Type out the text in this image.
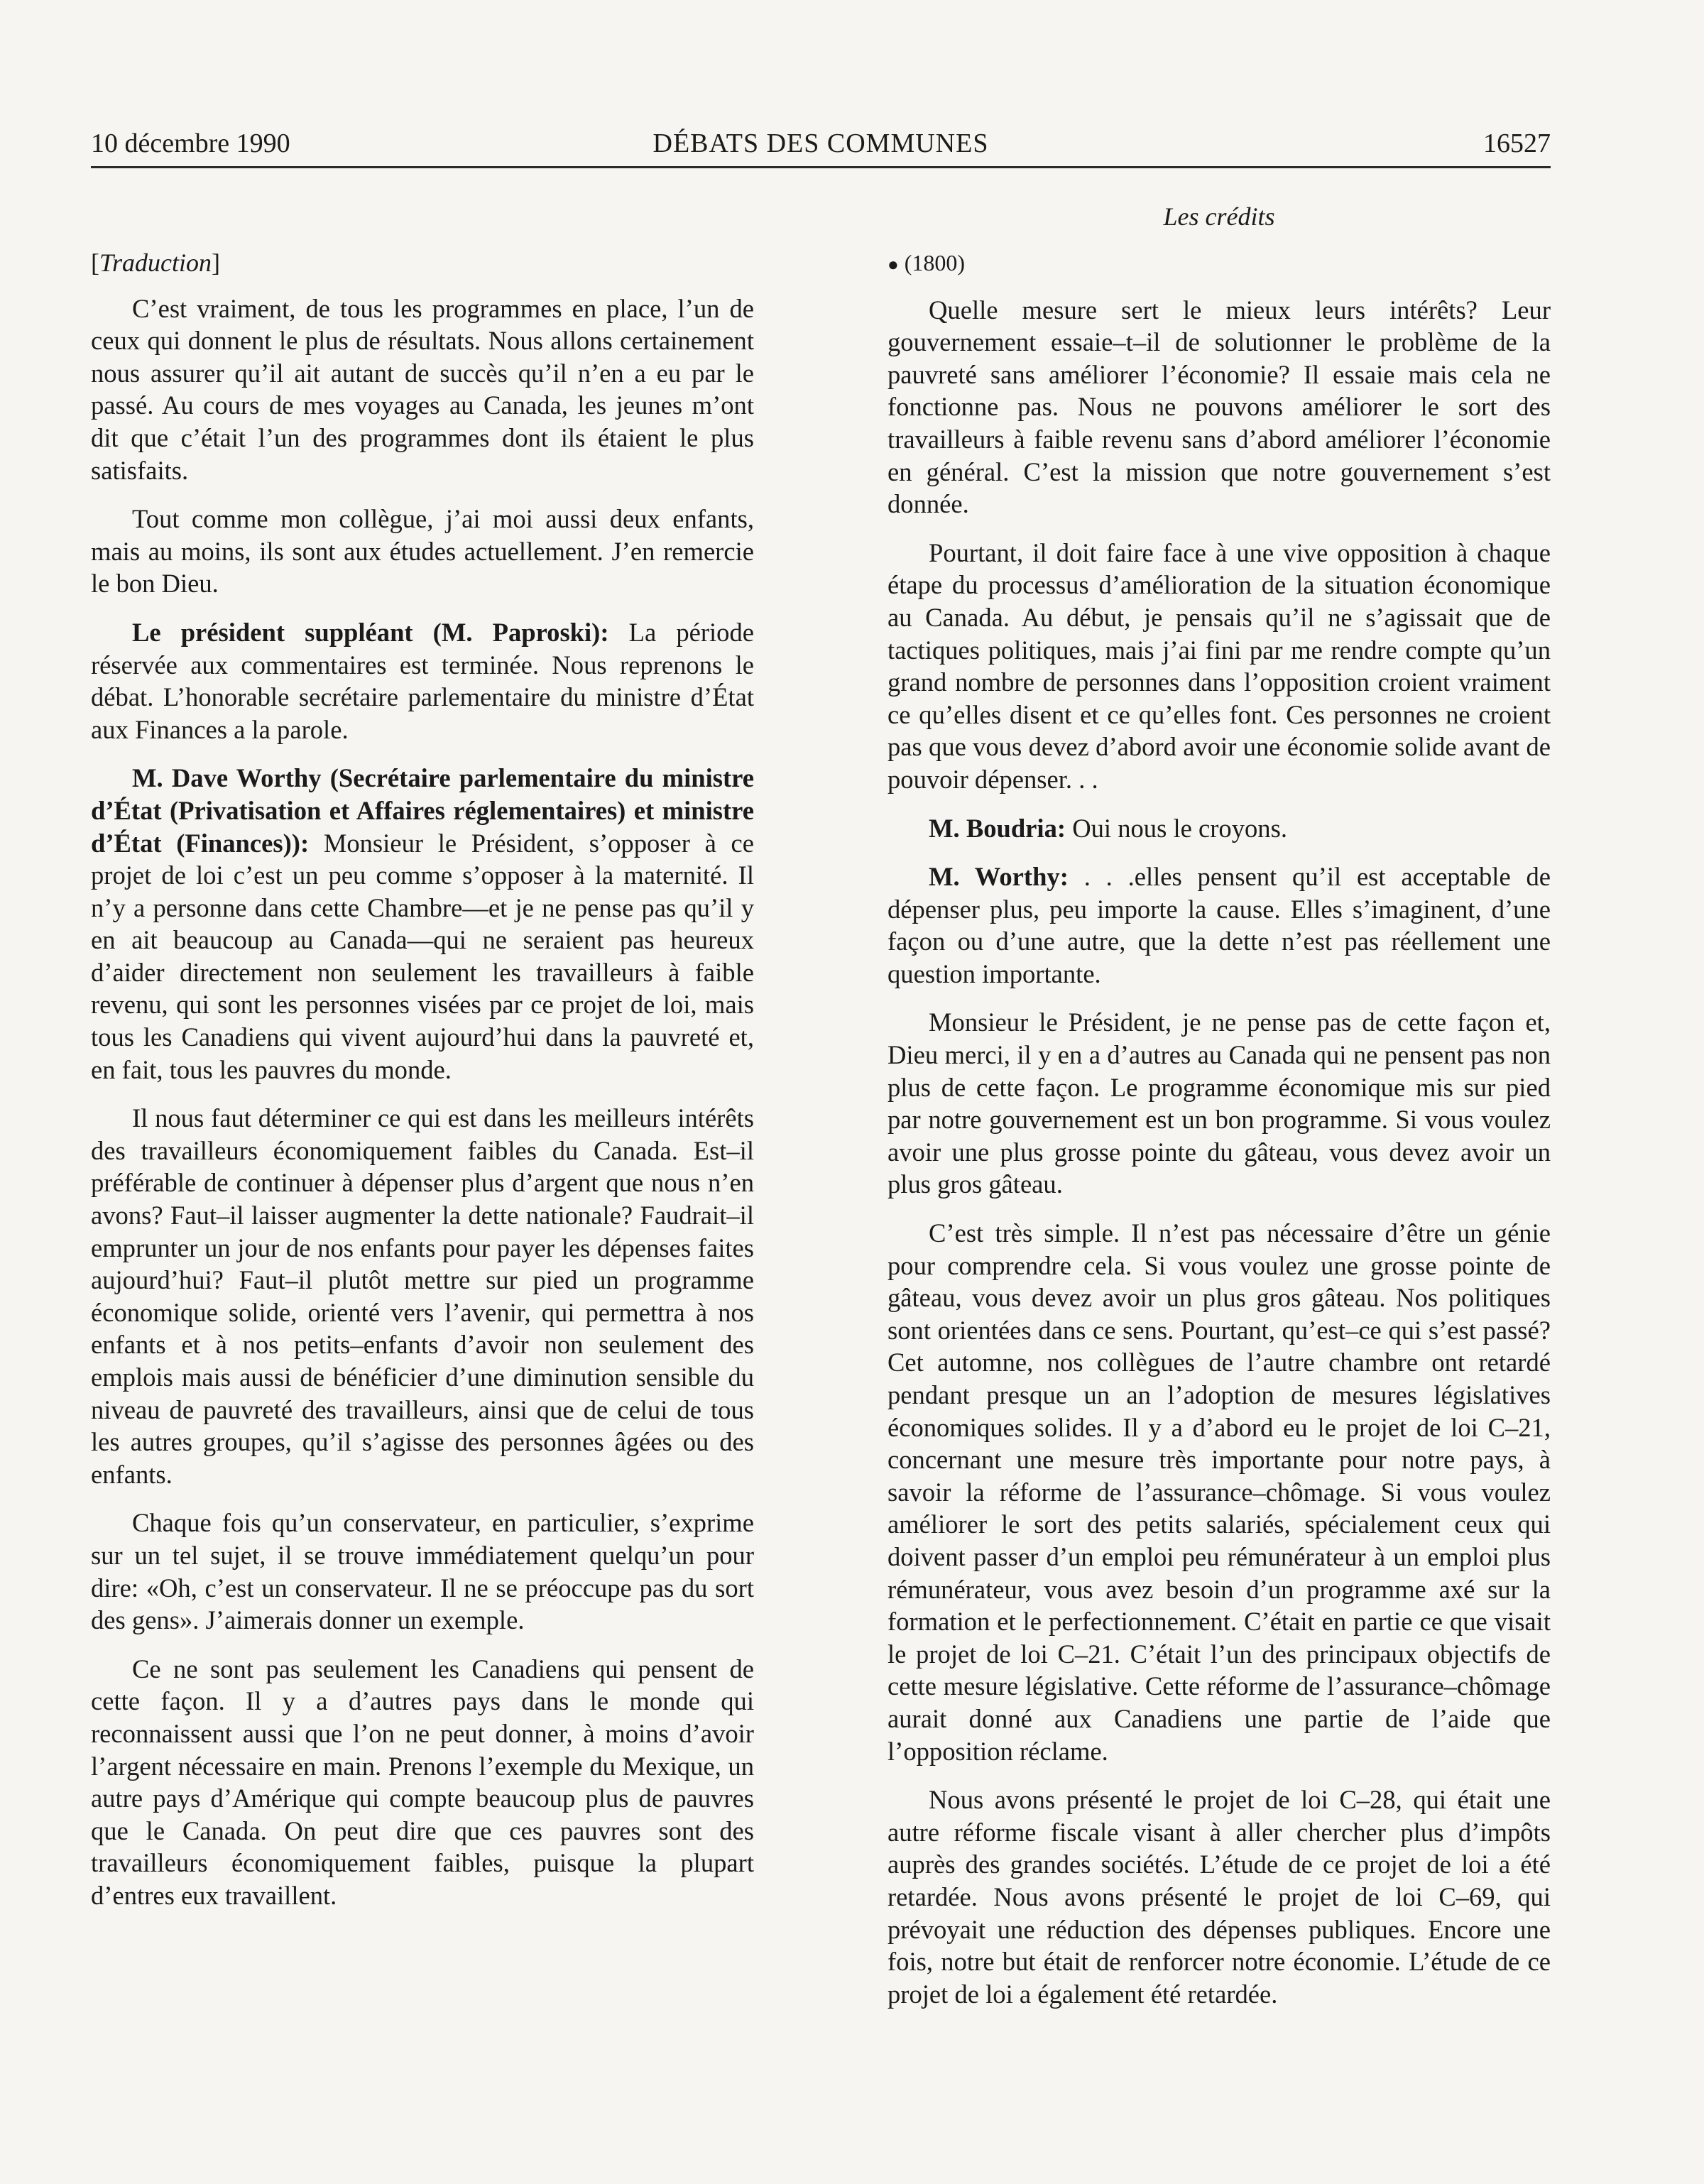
10 décembre 1990	DÉBATS DES COMMUNES	16527
Les crédits
[Traduction]

C’est vraiment, de tous les programmes en place, l’un de ceux qui donnent le plus de résultats. Nous allons certainement nous assurer qu’il ait autant de succès qu’il n’en a eu par le passé. Au cours de mes voyages au Canada, les jeunes m’ont dit que c’était l’un des programmes dont ils étaient le plus satisfaits.

Tout comme mon collègue, j’ai moi aussi deux enfants, mais au moins, ils sont aux études actuellement. J’en remercie le bon Dieu.

Le président suppléant (M. Paproski): La période réservée aux commentaires est terminée. Nous reprenons le débat. L’honorable secrétaire parlementaire du ministre d’État aux Finances a la parole.

M. Dave Worthy (Secrétaire parlementaire du ministre d’État (Privatisation et Affaires réglementaires) et ministre d’État (Finances)): Monsieur le Président, s’opposer à ce projet de loi c’est un peu comme s’opposer à la maternité. Il n’y a personne dans cette Chambre—et je ne pense pas qu’il y en ait beaucoup au Canada—qui ne seraient pas heureux d’aider directement non seulement les travailleurs à faible revenu, qui sont les personnes visées par ce projet de loi, mais tous les Canadiens qui vivent aujourd’hui dans la pauvreté et, en fait, tous les pauvres du monde.

Il nous faut déterminer ce qui est dans les meilleurs intérêts des travailleurs économiquement faibles du Canada. Est–il préférable de continuer à dépenser plus d’argent que nous n’en avons? Faut–il laisser augmenter la dette nationale? Faudrait–il emprunter un jour de nos enfants pour payer les dépenses faites aujourd’hui? Faut–il plutôt mettre sur pied un programme économique solide, orienté vers l’avenir, qui permettra à nos enfants et à nos petits–enfants d’avoir non seulement des emplois mais aussi de bénéficier d’une diminution sensible du niveau de pauvreté des travailleurs, ainsi que de celui de tous les autres groupes, qu’il s’agisse des personnes âgées ou des enfants.

Chaque fois qu’un conservateur, en particulier, s’exprime sur un tel sujet, il se trouve immédiatement quelqu’un pour dire: «Oh, c’est un conservateur. Il ne se préoccupe pas du sort des gens». J’aimerais donner un exemple.

Ce ne sont pas seulement les Canadiens qui pensent de cette façon. Il y a d’autres pays dans le monde qui reconnaissent aussi que l’on ne peut donner, à moins d’avoir l’argent nécessaire en main. Prenons l’exemple du Mexique, un autre pays d’Amérique qui compte beaucoup plus de pauvres que le Canada. On peut dire que ces pauvres sont des travailleurs économiquement faibles, puisque la plupart d’entres eux travaillent.

● (1800)

Quelle mesure sert le mieux leurs intérêts? Leur gouvernement essaie–t–il de solutionner le problème de la pauvreté sans améliorer l’économie? Il essaie mais cela ne fonctionne pas. Nous ne pouvons améliorer le sort des travailleurs à faible revenu sans d’abord améliorer l’économie en général. C’est la mission que notre gouvernement s’est donnée.

Pourtant, il doit faire face à une vive opposition à chaque étape du processus d’amélioration de la situation économique au Canada. Au début, je pensais qu’il ne s’agissait que de tactiques politiques, mais j’ai fini par me rendre compte qu’un grand nombre de personnes dans l’opposition croient vraiment ce qu’elles disent et ce qu’elles font. Ces personnes ne croient pas que vous devez d’abord avoir une économie solide avant de pouvoir dépenser. . .

M. Boudria: Oui nous le croyons.

M. Worthy: . . .elles pensent qu’il est acceptable de dépenser plus, peu importe la cause. Elles s’imaginent, d’une façon ou d’une autre, que la dette n’est pas réellement une question importante.

Monsieur le Président, je ne pense pas de cette façon et, Dieu merci, il y en a d’autres au Canada qui ne pensent pas non plus de cette façon. Le programme économique mis sur pied par notre gouvernement est un bon programme. Si vous voulez avoir une plus grosse pointe du gâteau, vous devez avoir un plus gros gâteau.

C’est très simple. Il n’est pas nécessaire d’être un génie pour comprendre cela. Si vous voulez une grosse pointe de gâteau, vous devez avoir un plus gros gâteau. Nos politiques sont orientées dans ce sens. Pourtant, qu’est–ce qui s’est passé? Cet automne, nos collègues de l’autre chambre ont retardé pendant presque un an l’adoption de mesures législatives économiques solides. Il y a d’abord eu le projet de loi C–21, concernant une mesure très importante pour notre pays, à savoir la réforme de l’assurance–chômage. Si vous voulez améliorer le sort des petits salariés, spécialement ceux qui doivent passer d’un emploi peu rémunérateur à un emploi plus rémunérateur, vous avez besoin d’un programme axé sur la formation et le perfectionnement. C’était en partie ce que visait le projet de loi C–21. C’était l’un des principaux objectifs de cette mesure législative. Cette réforme de l’assurance–chômage aurait donné aux Canadiens une partie de l’aide que l’opposition réclame.

Nous avons présenté le projet de loi C–28, qui était une autre réforme fiscale visant à aller chercher plus d’impôts auprès des grandes sociétés. L’étude de ce projet de loi a été retardée. Nous avons présenté le projet de loi C–69, qui prévoyait une réduction des dépenses publiques. Encore une fois, notre but était de renforcer notre économie. L’étude de ce projet de loi a également été retardée.
